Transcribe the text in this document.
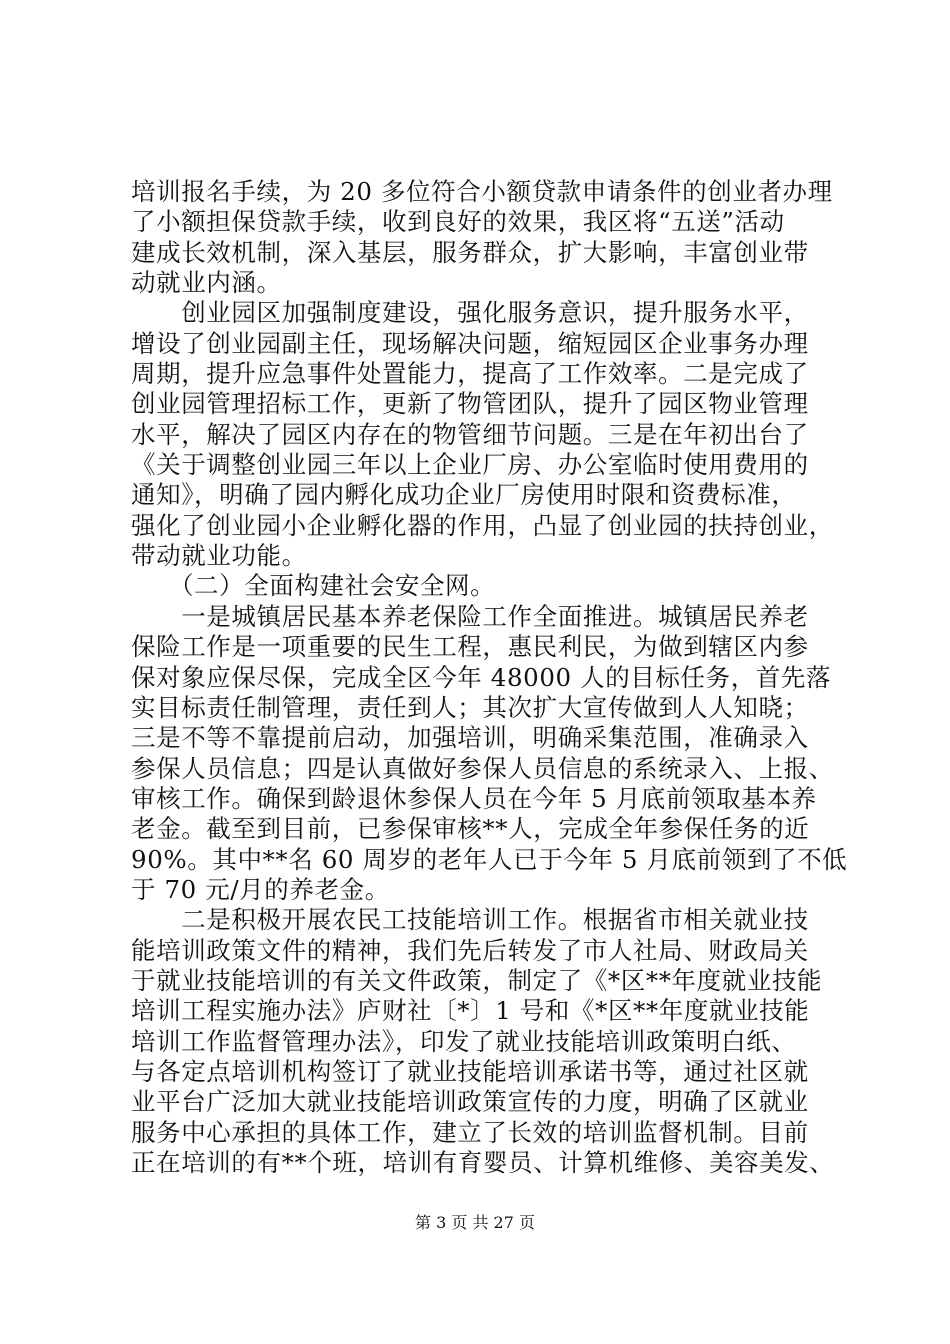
培训报名手续，为 20 多位符合小额贷款申请条件的创业者办理
了小额担保贷款手续，收到良好的效果，我区将“五送”活动
建成长效机制，深入基层，服务群众，扩大影响，丰富创业带
动就业内涵。
　　创业园区加强制度建设，强化服务意识，提升服务水平，
增设了创业园副主任，现场解决问题，缩短园区企业事务办理
周期，提升应急事件处置能力，提高了工作效率。二是完成了
创业园管理招标工作，更新了物管团队，提升了园区物业管理
水平，解决了园区内存在的物管细节问题。三是在年初出台了
《关于调整创业园三年以上企业厂房、办公室临时使用费用的
通知》，明确了园内孵化成功企业厂房使用时限和资费标准，
强化了创业园小企业孵化器的作用，凸显了创业园的扶持创业，
带动就业功能。
　　（二）全面构建社会安全网。
　　一是城镇居民基本养老保险工作全面推进。城镇居民养老
保险工作是一项重要的民生工程，惠民利民，为做到辖区内参
保对象应保尽保，完成全区今年 48000 人的目标任务，首先落
实目标责任制管理，责任到人；其次扩大宣传做到人人知晓；
三是不等不靠提前启动，加强培训，明确采集范围，准确录入
参保人员信息；四是认真做好参保人员信息的系统录入、上报、
审核工作。确保到龄退休参保人员在今年 5 月底前领取基本养
老金。截至到目前，已参保审核**人，完成全年参保任务的近
90%。其中**名 60 周岁的老年人已于今年 5 月底前领到了不低
于 70 元/月的养老金。
　　二是积极开展农民工技能培训工作。根据省市相关就业技
能培训政策文件的精神，我们先后转发了市人社局、财政局关
于就业技能培训的有关文件政策，制定了《*区**年度就业技能
培训工程实施办法》庐财社〔*〕1 号和《*区**年度就业技能
培训工作监督管理办法》，印发了就业技能培训政策明白纸、
与各定点培训机构签订了就业技能培训承诺书等，通过社区就
业平台广泛加大就业技能培训政策宣传的力度，明确了区就业
服务中心承担的具体工作，建立了长效的培训监督机制。目前
正在培训的有**个班，培训有育婴员、计算机维修、美容美发、
第 3 页 共 27 页
